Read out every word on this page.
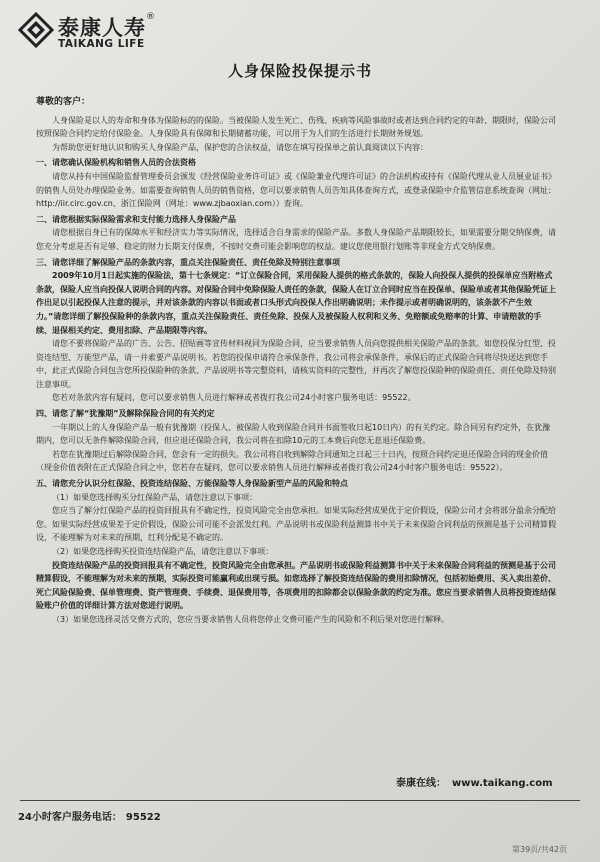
泰康人寿 ®
TAIKANG LIFE
人身保险投保提示书

尊敬的客户：

人身保险是以人的寿命和身体为保险标的的保险。当被保险人发生死亡、伤残、疾病等风险事故时或者达到合同约定的年龄、期限时，保险公司按照保险合同约定给付保险金。人身保险具有保障和长期储蓄功能，可以用于为人们的生活进行长期财务规划。

为帮助您更好地认识和购买人身保险产品，保护您的合法权益，请您在填写投保单之前认真阅读以下内容：

一、请您确认保险机构和销售人员的合法资格

请您从持有中国保险监督管理委员会颁发《经营保险业务许可证》或《保险兼业代理许可证》的合法机构或持有《保险代理从业人员展业证书》的销售人员处办理保险业务。如需要查询销售人员的销售资格，您可以要求销售人员告知具体查询方式，或登录保险中介监管信息系统查询（网址：http://iir.circ.gov.cn、浙江保险网（网址：www.zjbaoxian.com））查询。

二、请您根据实际保险需求和支付能力选择人身保险产品

请您根据自身已有的保障水平和经济实力等实际情况，选择适合自身需求的保险产品。多数人身保险产品期限较长，如果需要分期交纳保费，请您充分考虑是否有足够、稳定的财力长期支付保费，不按时交费可能会影响您的权益。建议您使用银行划账等非现金方式交纳保费。

三、请您详细了解保险产品的条款内容，重点关注保险责任、责任免除及特别注意事项

2009年10月1日起实施的保险法，第十七条规定：“订立保险合同，采用保险人提供的格式条款的，保险人向投保人提供的投保单应当附格式条款，保险人应当向投保人说明合同的内容。对保险合同中免除保险人责任的条款，保险人在订立合同时应当在投保单、保险单或者其他保险凭证上作出足以引起投保人注意的提示，并对该条款的内容以书面或者口头形式向投保人作出明确说明；未作提示或者明确说明的，该条款不产生效力。”请您详细了解投保险种的条款内容，重点关注保险责任、责任免除、投保人及被保险人权利和义务、免赔额或免赔率的计算、申请赔款的手续、退保相关约定、费用扣除、产品期限等内容。

请您不要将保险产品的广告、公告、招贴画等宣传材料视同为保险合同，应当要求销售人员向您提供相关保险产品的条款。如您投保分红型、投资连结型、万能型产品，请一并索要产品说明书。若您的投保申请符合承保条件，我公司将会承保条件，承保后的正式保险合同将尽快送达到您手中，此正式保险合同包含您所投保险种的条款、产品说明书等完整资料，请核实资料的完整性，并再次了解您投保险种的保险责任、责任免除及特别注意事项。

您若对条款内容有疑问，您可以要求销售人员进行解释或者拨打我公司24小时客户服务电话：95522。

四、请您了解“犹豫期”及解除保险合同的有关约定

一年期以上的人身保险产品一般有犹豫期（投保人、被保险人收到保险合同并书面签收日起10日内）的有关约定。除合同另有约定外，在犹豫期内，您可以无条件解除保险合同，但应退还保险合同，我公司将在扣除10元的工本费后向您无息退还保险费。

若您在犹豫期过后解除保险合同，您会有一定的损失。我公司将自收到解除合同通知之日起三十日内，按照合同约定退还保险合同的现金价值（现金价值表附在正式保险合同之中，您若存在疑问，您可以要求销售人员进行解释或者拨打我公司24小时客户服务电话：95522）。

五、请您充分认识分红保险、投资连结保险、万能保险等人身保险新型产品的风险和特点

（1）如果您选择购买分红保险产品，请您注意以下事项：

您应当了解分红保险产品的投资回报具有不确定性，投资风险完全由您承担。如果实际经营成果优于定价假设，保险公司才会将部分盈余分配给您。如果实际经营成果差于定价假设，保险公司可能不会派发红利。产品说明书或保险利益测算书中关于未来保险合同利益的预测是基于公司精算假设，不能理解为对未来的预期，红利分配是不确定的。

（2）如果您选择购买投资连结保险产品，请您注意以下事项：

投资连结保险产品的投资回报具有不确定性，投资风险完全由您承担。产品说明书或保险利益测算书中关于未来保险合同利益的预测是基于公司精算假设，不能理解为对未来的预期，实际投资可能赢利或出现亏损。如您选择了解投资连结保险的费用扣除情况，包括初始费用、买入卖出差价、死亡风险保险费、保单管理费、资产管理费、手续费、退保费用等，各项费用的扣除都会以保险条款的约定为准。您应当要求销售人员将投资连结保险账户价值的详细计算方法对您进行说明。

（3）如果您选择灵活交费方式的，您应当要求销售人员将您停止交费可能产生的风险和不利后果对您进行解释。

泰康在线： www.taikang.com
24小时客户服务电话： 95522
第39页/共42页
